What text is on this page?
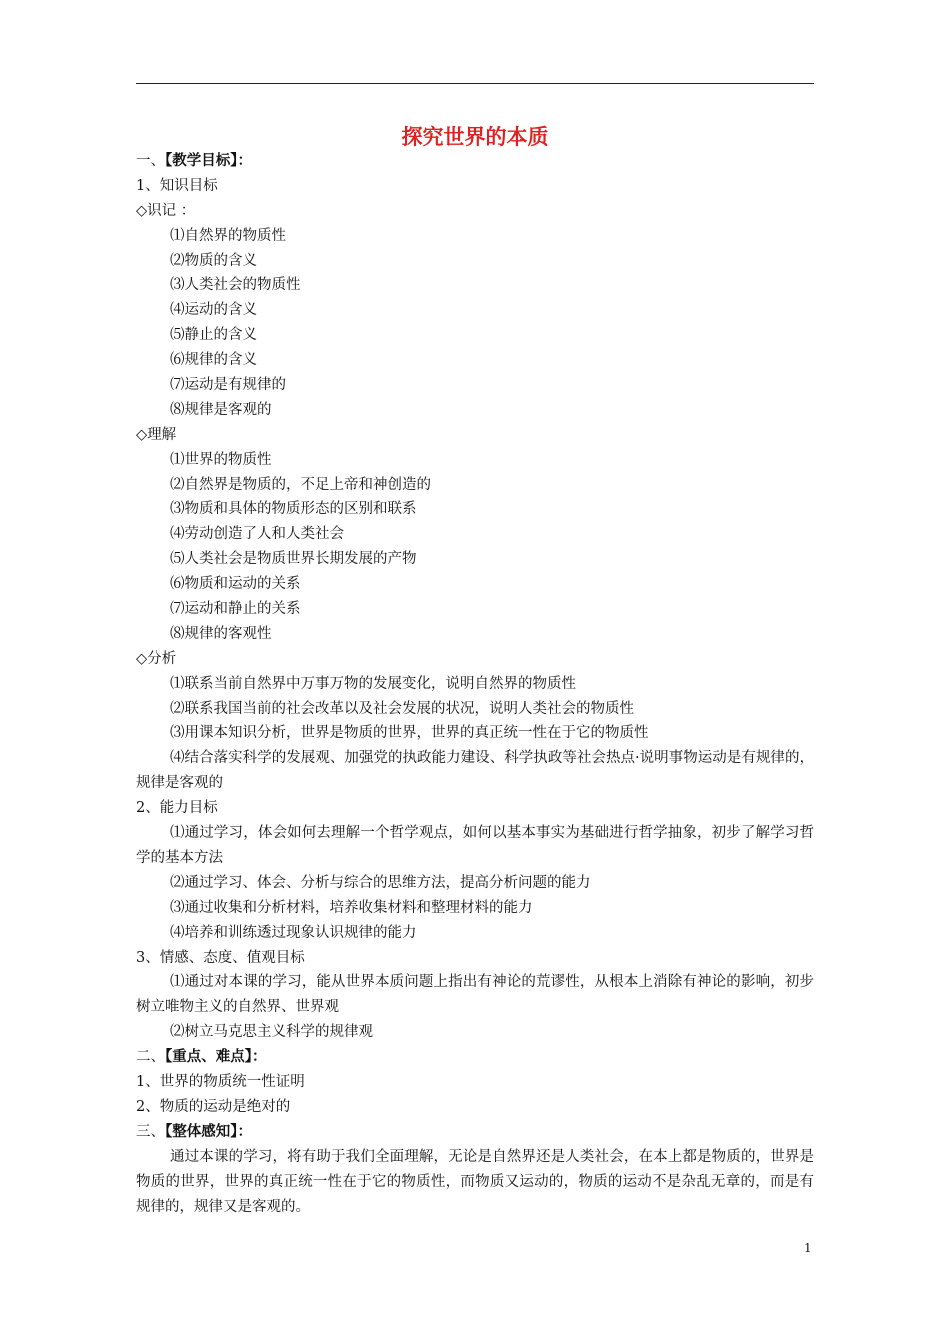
探究世界的本质
一、【教学目标】：
1、知识目标
◇识记 ：
⑴自然界的物质性
⑵物质的含义
⑶人类社会的物质性
⑷运动的含义
⑸静止的含义
⑹规律的含义
⑺运动是有规律的
⑻规律是客观的
◇理解
⑴世界的物质性
⑵自然界是物质的，不足上帝和神创造的
⑶物质和具体的物质形态的区别和联系
⑷劳动创造了人和人类社会
⑸人类社会是物质世界长期发展的产物
⑹物质和运动的关系
⑺运动和静止的关系
⑻规律的客观性
◇分析
⑴联系当前自然界中万事万物的发展变化，说明自然界的物质性
⑵联系我国当前的社会改革以及社会发展的状况，说明人类社会的物质性
⑶用课本知识分析，世界是物质的世界，世界的真正统一性在于它的物质性
⑷结合落实科学的发展观、加强党的执政能力建设、科学执政等社会热点·说明事物运动是有规律的，规律是客观的
2、能力目标
⑴通过学习，体会如何去理解一个哲学观点，如何以基本事实为基础进行哲学抽象，初步了解学习哲学的基本方法
⑵通过学习、体会、分析与综合的思维方法，提高分析问题的能力
⑶通过收集和分析材料，培养收集材料和整理材料的能力
⑷培养和训练透过现象认识规律的能力
3、情感、态度、值观目标
⑴通过对本课的学习，能从世界本质问题上指出有神论的荒谬性，从根本上消除有神论的影响，初步树立唯物主义的自然界、世界观
⑵树立马克思主义科学的规律观
二、【重点、难点】：
1、世界的物质统一性证明
2、物质的运动是绝对的
三、【整体感知】：
通过本课的学习，将有助于我们全面理解，无论是自然界还是人类社会，在本上都是物质的，世界是物质的世界，世界的真正统一性在于它的物质性，而物质又运动的，物质的运动不是杂乱无章的，而是有规律的，规律又是客观的。
1
